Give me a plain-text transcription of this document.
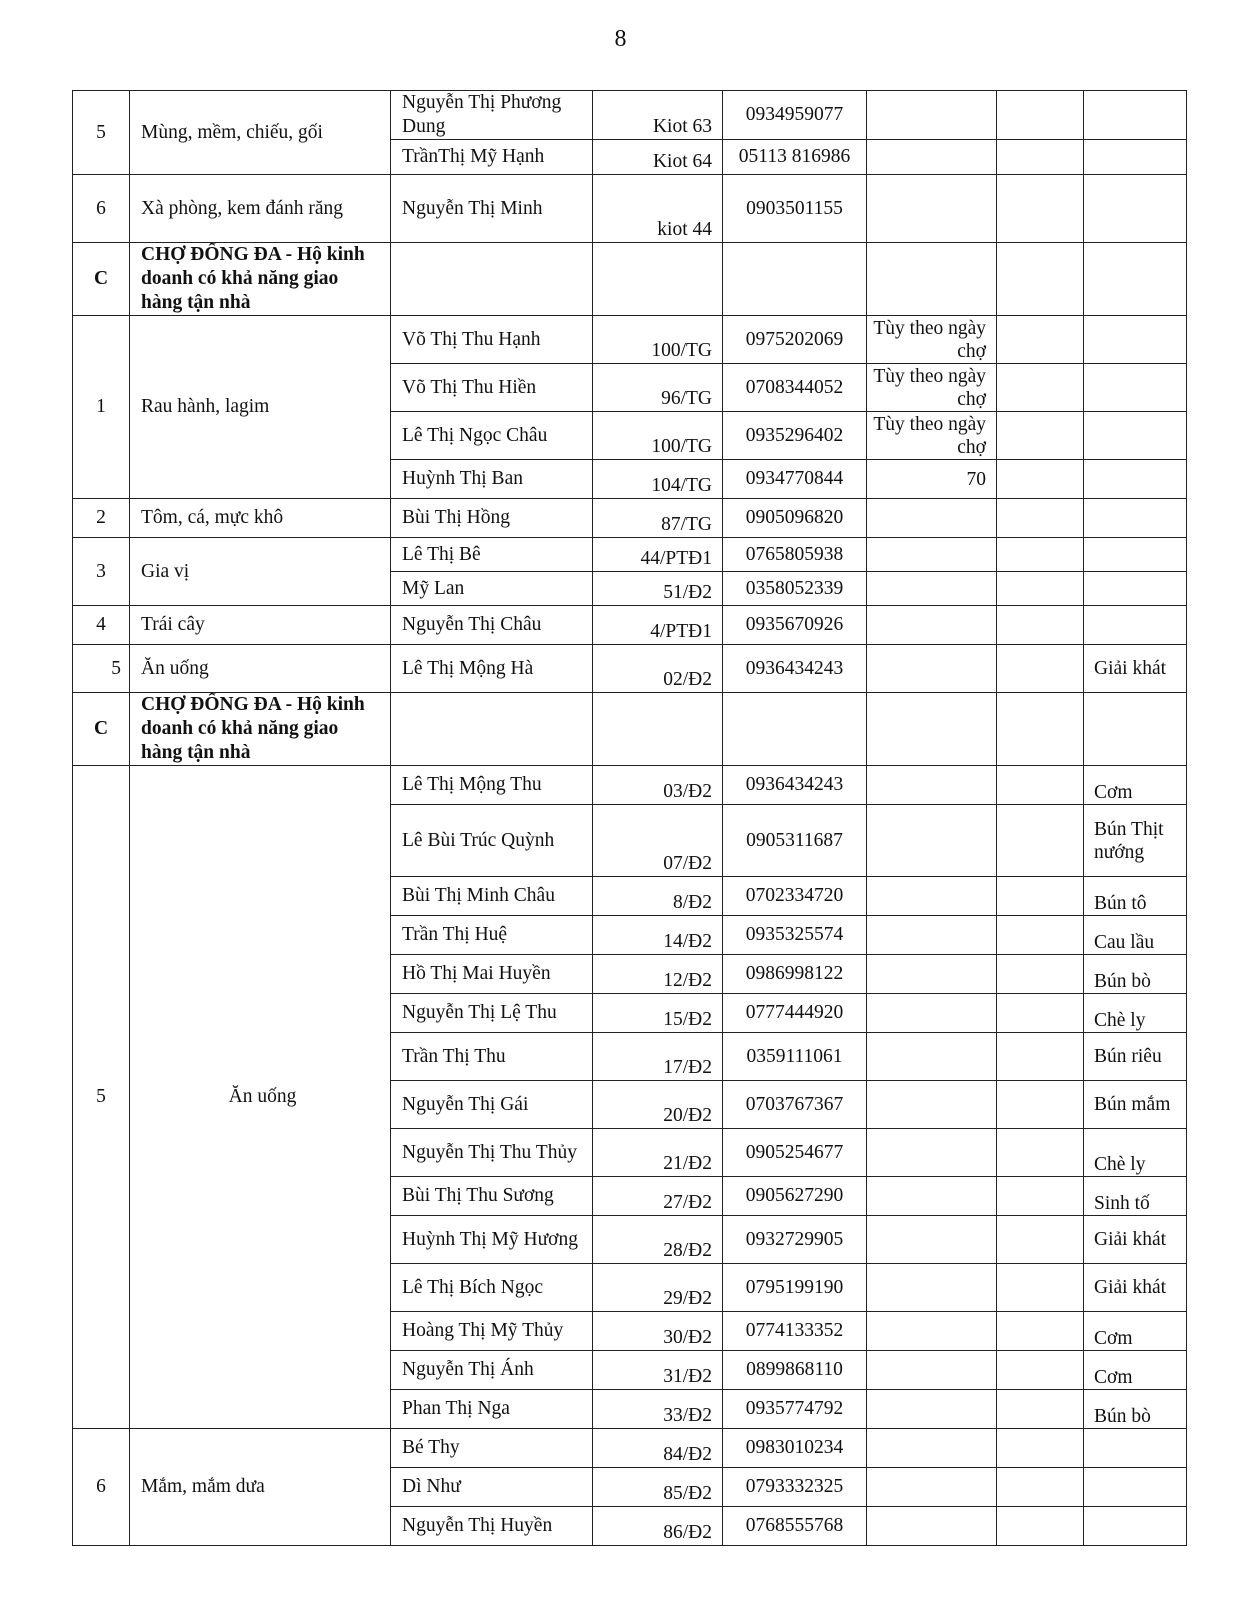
8
5	Mùng, mềm, chiếu, gối	Nguyễn Thị Phương Dung	Kiot 63	0934959077			
		TrầnThị Mỹ Hạnh	Kiot 64	05113 816986			
6	Xà phòng, kem đánh răng	Nguyễn Thị Minh	kiot 44	0903501155			
C	CHỢ ĐỐNG ĐA - Hộ kinh doanh có khả năng giao hàng tận nhà						
1	Rau hành, lagim	Võ Thị Thu Hạnh	100/TG	0975202069	Tùy theo ngày chợ		
		Võ Thị Thu Hiền	96/TG	0708344052	Tùy theo ngày chợ		
		Lê Thị Ngọc Châu	100/TG	0935296402	Tùy theo ngày chợ		
		Huỳnh Thị Ban	104/TG	0934770844	70		
2	Tôm, cá, mực khô	Bùi Thị Hồng	87/TG	0905096820			
3	Gia vị	Lê Thị Bê	44/PTĐ1	0765805938			
		Mỹ Lan	51/Đ2	0358052339			
4	Trái cây	Nguyễn Thị Châu	4/PTĐ1	0935670926			
5	Ăn uống	Lê Thị Mộng Hà	02/Đ2	0936434243			Giải khát
C	CHỢ ĐỐNG ĐA - Hộ kinh doanh có khả năng giao hàng tận nhà						
5	Ăn uống	Lê Thị Mộng Thu	03/Đ2	0936434243			Cơm
		Lê Bùi Trúc Quỳnh	07/Đ2	0905311687			Bún Thịt nướng
		Bùi Thị Minh Châu	8/Đ2	0702334720			Bún tô
		Trần Thị Huệ	14/Đ2	0935325574			Cau lầu
		Hồ Thị Mai Huyền	12/Đ2	0986998122			Bún bò
		Nguyễn Thị Lệ Thu	15/Đ2	0777444920			Chè ly
		Trần Thị Thu	17/Đ2	0359111061			Bún riêu
		Nguyễn Thị Gái	20/Đ2	0703767367			Bún mắm
		Nguyễn Thị Thu Thủy	21/Đ2	0905254677			Chè ly
		Bùi Thị Thu Sương	27/Đ2	0905627290			Sinh tố
		Huỳnh Thị Mỹ Hương	28/Đ2	0932729905			Giải khát
		Lê Thị Bích Ngọc	29/Đ2	0795199190			Giải khát
		Hoàng Thị Mỹ Thủy	30/Đ2	0774133352			Cơm
		Nguyễn Thị Ánh	31/Đ2	0899868110			Cơm
		Phan Thị Nga	33/Đ2	0935774792			Bún bò
6	Mắm, mắm dưa	Bé Thy	84/Đ2	0983010234			
		Dì Như	85/Đ2	0793332325			
		Nguyễn Thị Huyền	86/Đ2	0768555768			
